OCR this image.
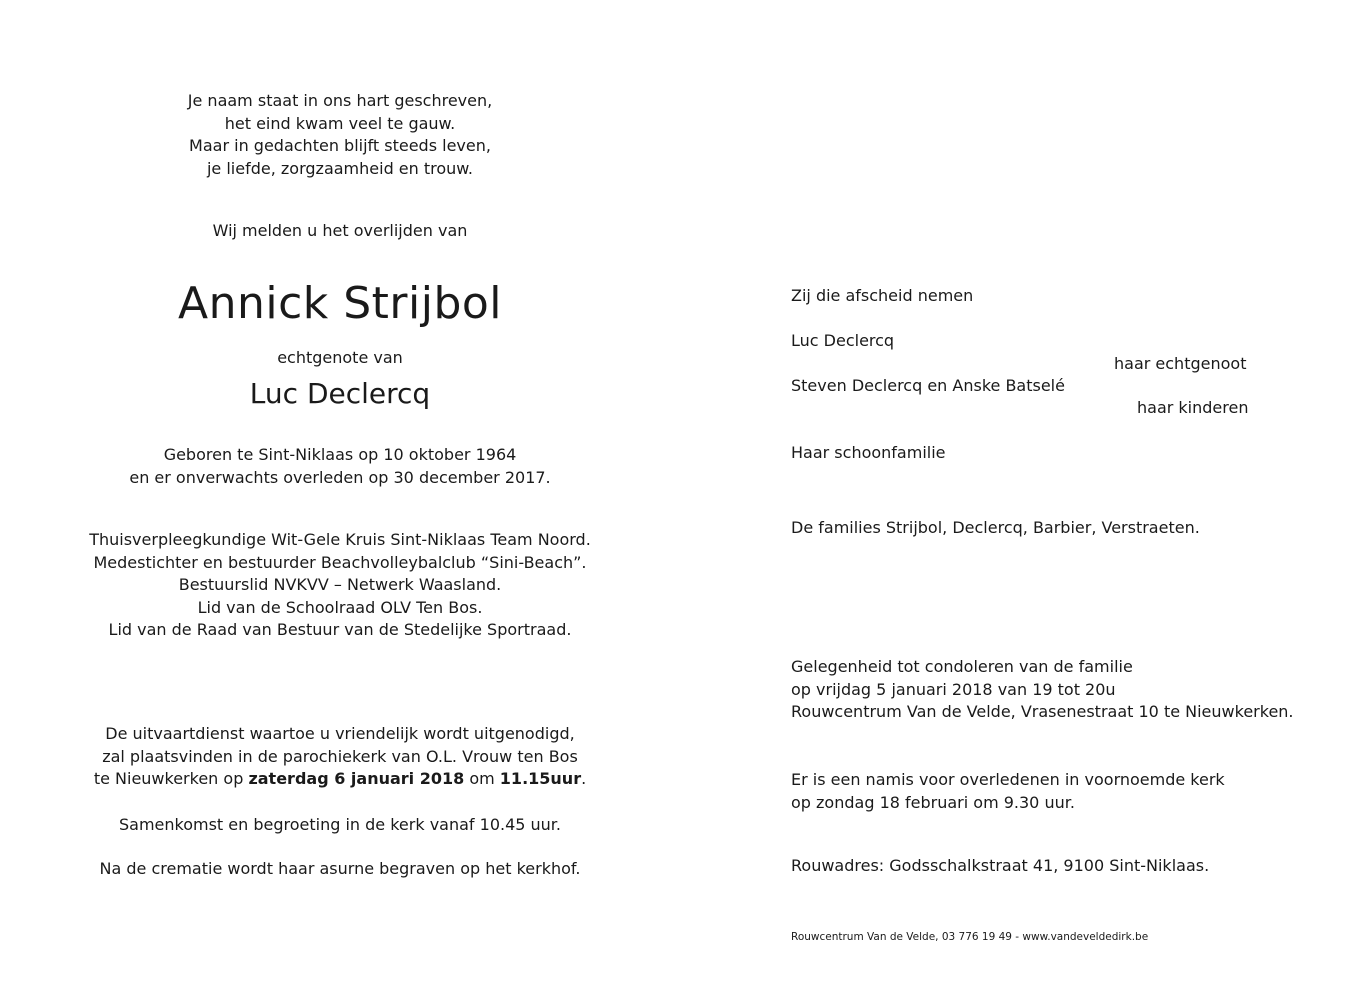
Je naam staat in ons hart geschreven,
het eind kwam veel te gauw.
Maar in gedachten blijft steeds leven,
je liefde, zorgzaamheid en trouw.
Wij melden u het overlijden van
Annick Strijbol
echtgenote van
Luc Declercq
Geboren te Sint-Niklaas op 10 oktober 1964
en er onverwachts overleden op 30 december 2017.
Thuisverpleegkundige Wit-Gele Kruis Sint-Niklaas Team Noord.
Medestichter en bestuurder Beachvolleybalclub “Sini-Beach”.
Bestuurslid NVKVV – Netwerk Waasland.
Lid van de Schoolraad OLV Ten Bos.
Lid van de Raad van Bestuur van de Stedelijke Sportraad.
De uitvaartdienst waartoe u vriendelijk wordt uitgenodigd,
zal plaatsvinden in de parochiekerk van O.L. Vrouw ten Bos
te Nieuwkerken op zaterdag 6 januari 2018 om 11.15uur.
Samenkomst en begroeting in de kerk vanaf 10.45 uur.
Na de crematie wordt haar asurne begraven op het kerkhof.
Zij die afscheid nemen
Luc Declercq
haar echtgenoot
Steven Declercq en Anske Batselé
haar kinderen
Haar schoonfamilie
De families Strijbol, Declercq, Barbier, Verstraeten.
Gelegenheid tot condoleren van de familie
op vrijdag 5 januari 2018 van 19 tot 20u
Rouwcentrum Van de Velde, Vrasenestraat 10 te Nieuwkerken.
Er is een namis voor overledenen in voornoemde kerk
op zondag 18 februari om 9.30 uur.
Rouwadres: Godsschalkstraat 41, 9100 Sint-Niklaas.
Rouwcentrum Van de Velde, 03 776 19 49 - www.vandeveldedirk.be
